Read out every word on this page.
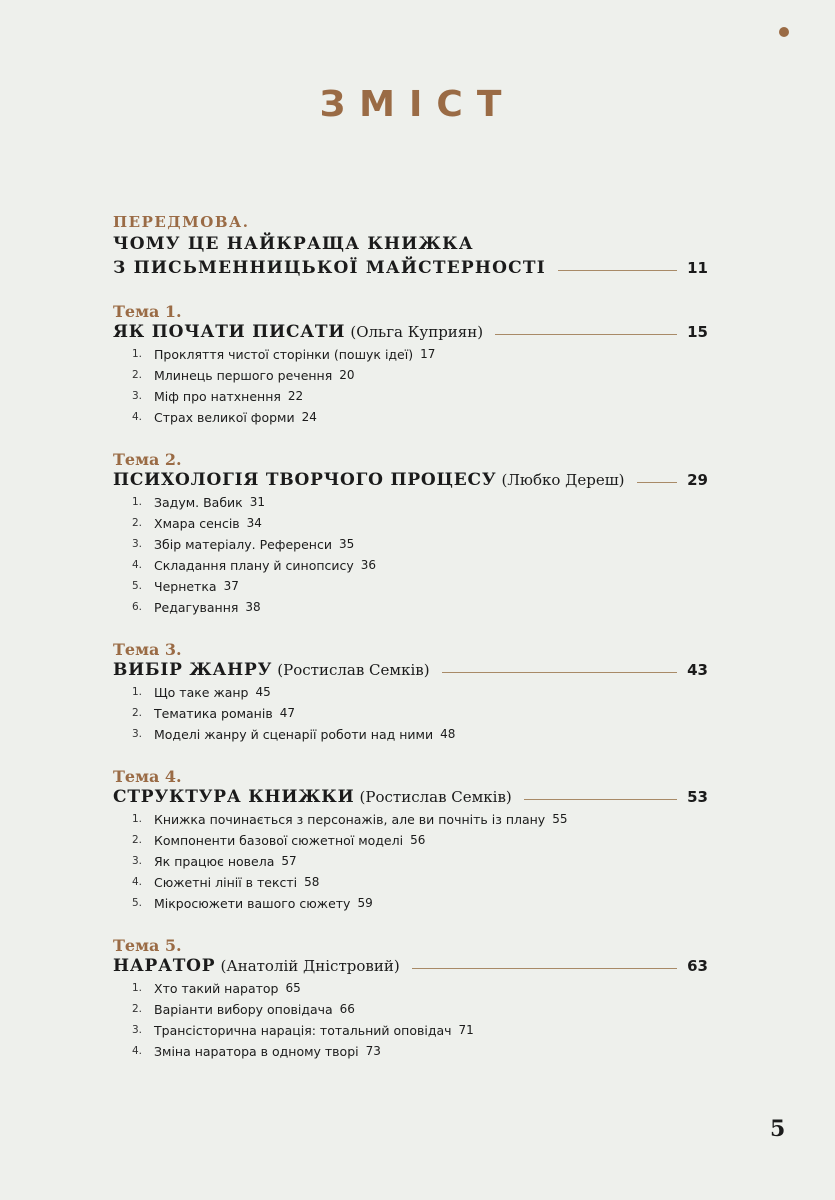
ЗМІСТ
ПЕРЕДМОВА.
ЧОМУ ЦЕ НАЙКРАЩА КНИЖКА
З ПИСЬМЕННИЦЬКОЇ МАЙСТЕРНОСТІ	11
Тема 1.
ЯК ПОЧАТИ ПИСАТИ (Ольга Куприян)	15
1. Прокляття чистої сторінки (пошук ідеї) 17
2. Млинець першого речення 20
3. Міф про натхнення 22
4. Страх великої форми 24
Тема 2.
ПСИХОЛОГІЯ ТВОРЧОГО ПРОЦЕСУ (Любко Дереш)	29
1. Задум. Вабик 31
2. Хмара сенсів 34
3. Збір матеріалу. Референси 35
4. Складання плану й синопсису 36
5. Чернетка 37
6. Редагування 38
Тема 3.
ВИБІР ЖАНРУ (Ростислав Семків)	43
1. Що таке жанр 45
2. Тематика романів 47
3. Моделі жанру й сценарії роботи над ними 48
Тема 4.
СТРУКТУРА КНИЖКИ (Ростислав Семків)	53
1. Книжка починається з персонажів, але ви почніть із плану 55
2. Компоненти базової сюжетної моделі 56
3. Як працює новела 57
4. Сюжетні лінії в тексті 58
5. Мікросюжети вашого сюжету 59
Тема 5.
НАРАТОР (Анатолій Дністровий)	63
1. Хто такий наратор 65
2. Варіанти вибору оповідача 66
3. Трансісторична нарація: тотальний оповідач 71
4. Зміна наратора в одному творі 73
5
